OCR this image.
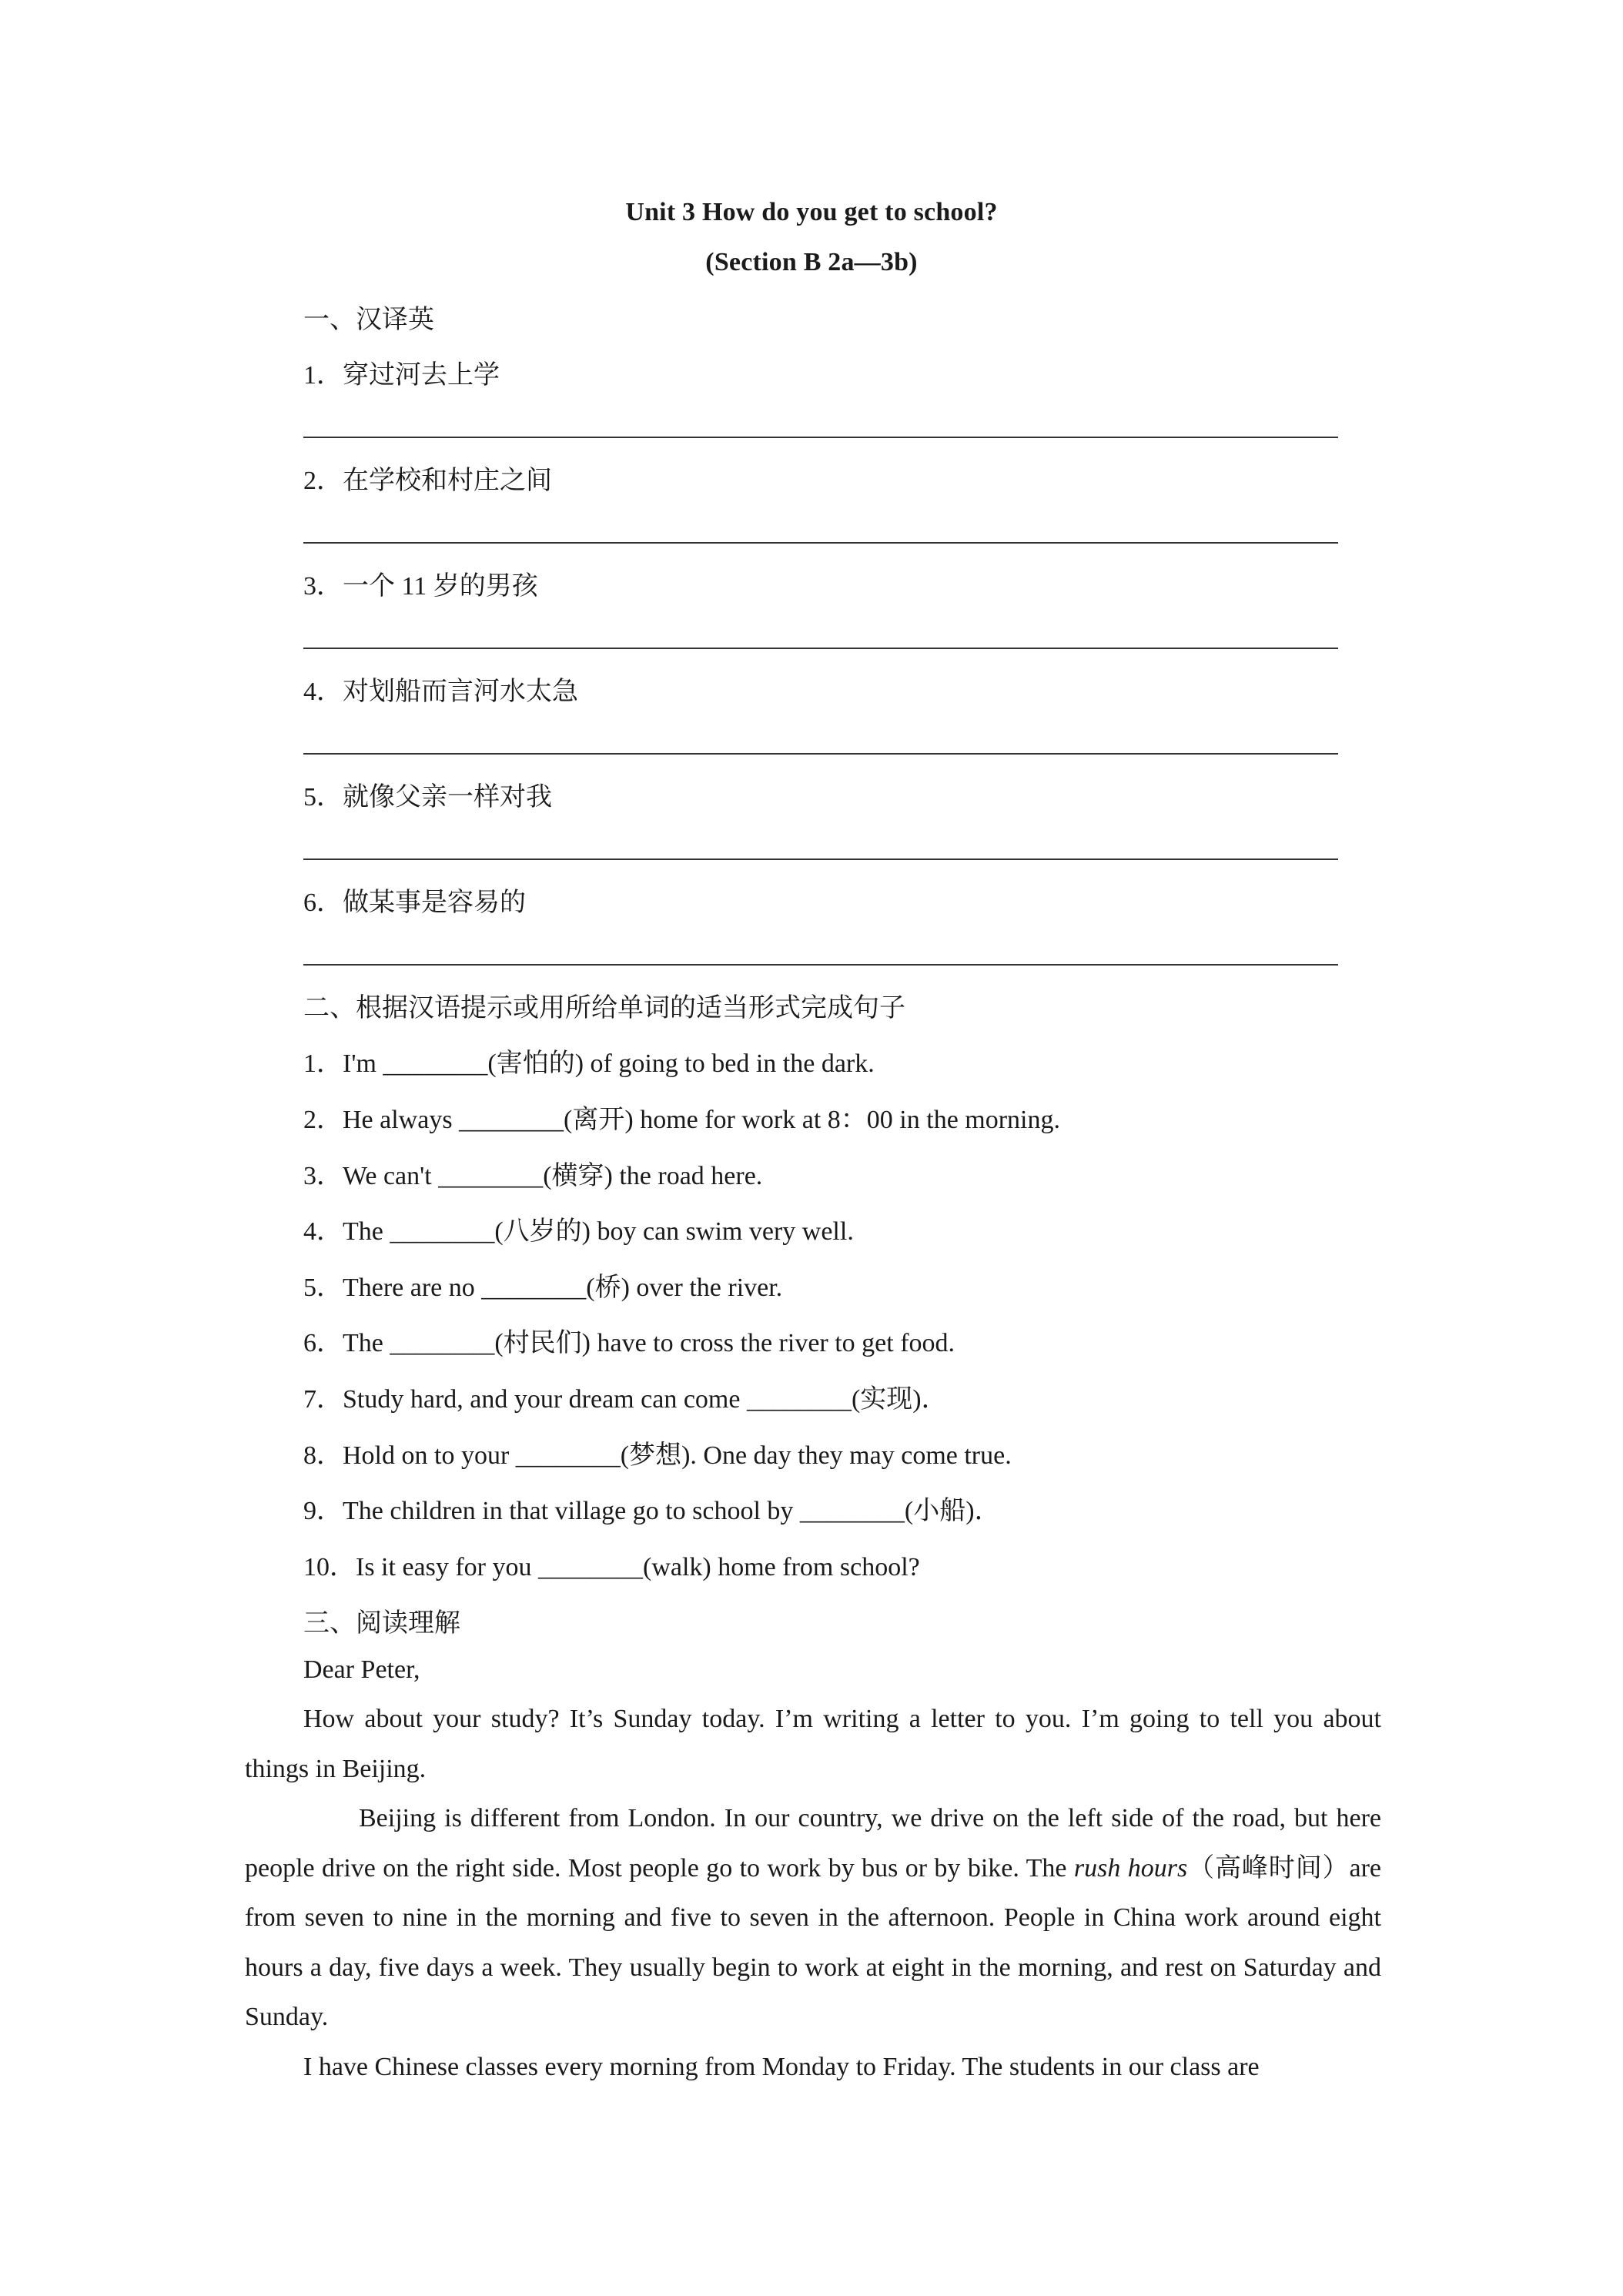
Unit 3 How do you get to school?
(Section B 2a—3b)
一、汉译英
1．穿过河去上学
2．在学校和村庄之间
3．一个 11 岁的男孩
4．对划船而言河水太急
5．就像父亲一样对我
6．做某事是容易的
二、根据汉语提示或用所给单词的适当形式完成句子
1．I'm ________(害怕的) of going to bed in the dark.
2．He always ________(离开) home for work at 8：00 in the morning.
3．We can't ________(横穿) the road here.
4．The ________(八岁的) boy can swim very well.
5．There are no ________(桥) over the river.
6．The ________(村民们) have to cross the river to get food.
7．Study hard, and your dream can come ________(实现)．
8．Hold on to your ________(梦想). One day they may come true.
9．The children in that village go to school by ________(小船)．
10．Is it easy for you ________(walk) home from school?
三、阅读理解
Dear Peter,
How about your study? It’s Sunday today. I’m writing a letter to you. I’m going to tell you about things in Beijing.
Beijing is different from London. In our country, we drive on the left side of the road, but here people drive on the right side. Most people go to work by bus or by bike. The rush hours（高峰时间）are from seven to nine in the morning and five to seven in the afternoon. People in China work around eight hours a day, five days a week. They usually begin to work at eight in the morning, and rest on Saturday and Sunday.
I have Chinese classes every morning from Monday to Friday. The students in our class are
